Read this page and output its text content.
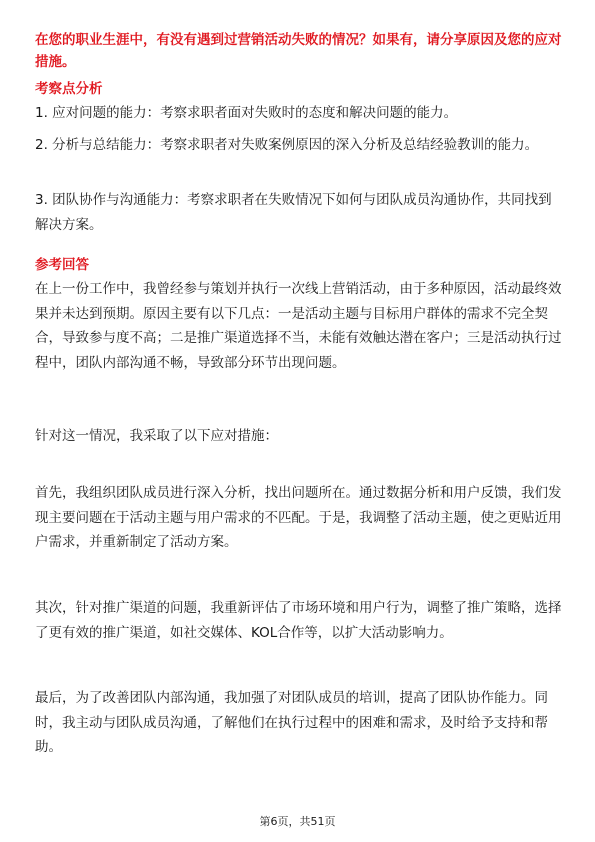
在您的职业生涯中，有没有遇到过营销活动失败的情况？如果有，请分享原因及您的应对措施。
考察点分析
1. 应对问题的能力：考察求职者面对失败时的态度和解决问题的能力。
2. 分析与总结能力：考察求职者对失败案例原因的深入分析及总结经验教训的能力。
3. 团队协作与沟通能力：考察求职者在失败情况下如何与团队成员沟通协作，共同找到解决方案。
参考回答
在上一份工作中，我曾经参与策划并执行一次线上营销活动，由于多种原因，活动最终效果并未达到预期。原因主要有以下几点：一是活动主题与目标用户群体的需求不完全契合，导致参与度不高；二是推广渠道选择不当，未能有效触达潜在客户；三是活动执行过程中，团队内部沟通不畅，导致部分环节出现问题。
针对这一情况，我采取了以下应对措施：
首先，我组织团队成员进行深入分析，找出问题所在。通过数据分析和用户反馈，我们发现主要问题在于活动主题与用户需求的不匹配。于是，我调整了活动主题，使之更贴近用户需求，并重新制定了活动方案。
其次，针对推广渠道的问题，我重新评估了市场环境和用户行为，调整了推广策略，选择了更有效的推广渠道，如社交媒体、KOL合作等，以扩大活动影响力。
最后，为了改善团队内部沟通，我加强了对团队成员的培训，提高了团队协作能力。同时，我主动与团队成员沟通，了解他们在执行过程中的困难和需求，及时给予支持和帮助。
第6页，共51页
